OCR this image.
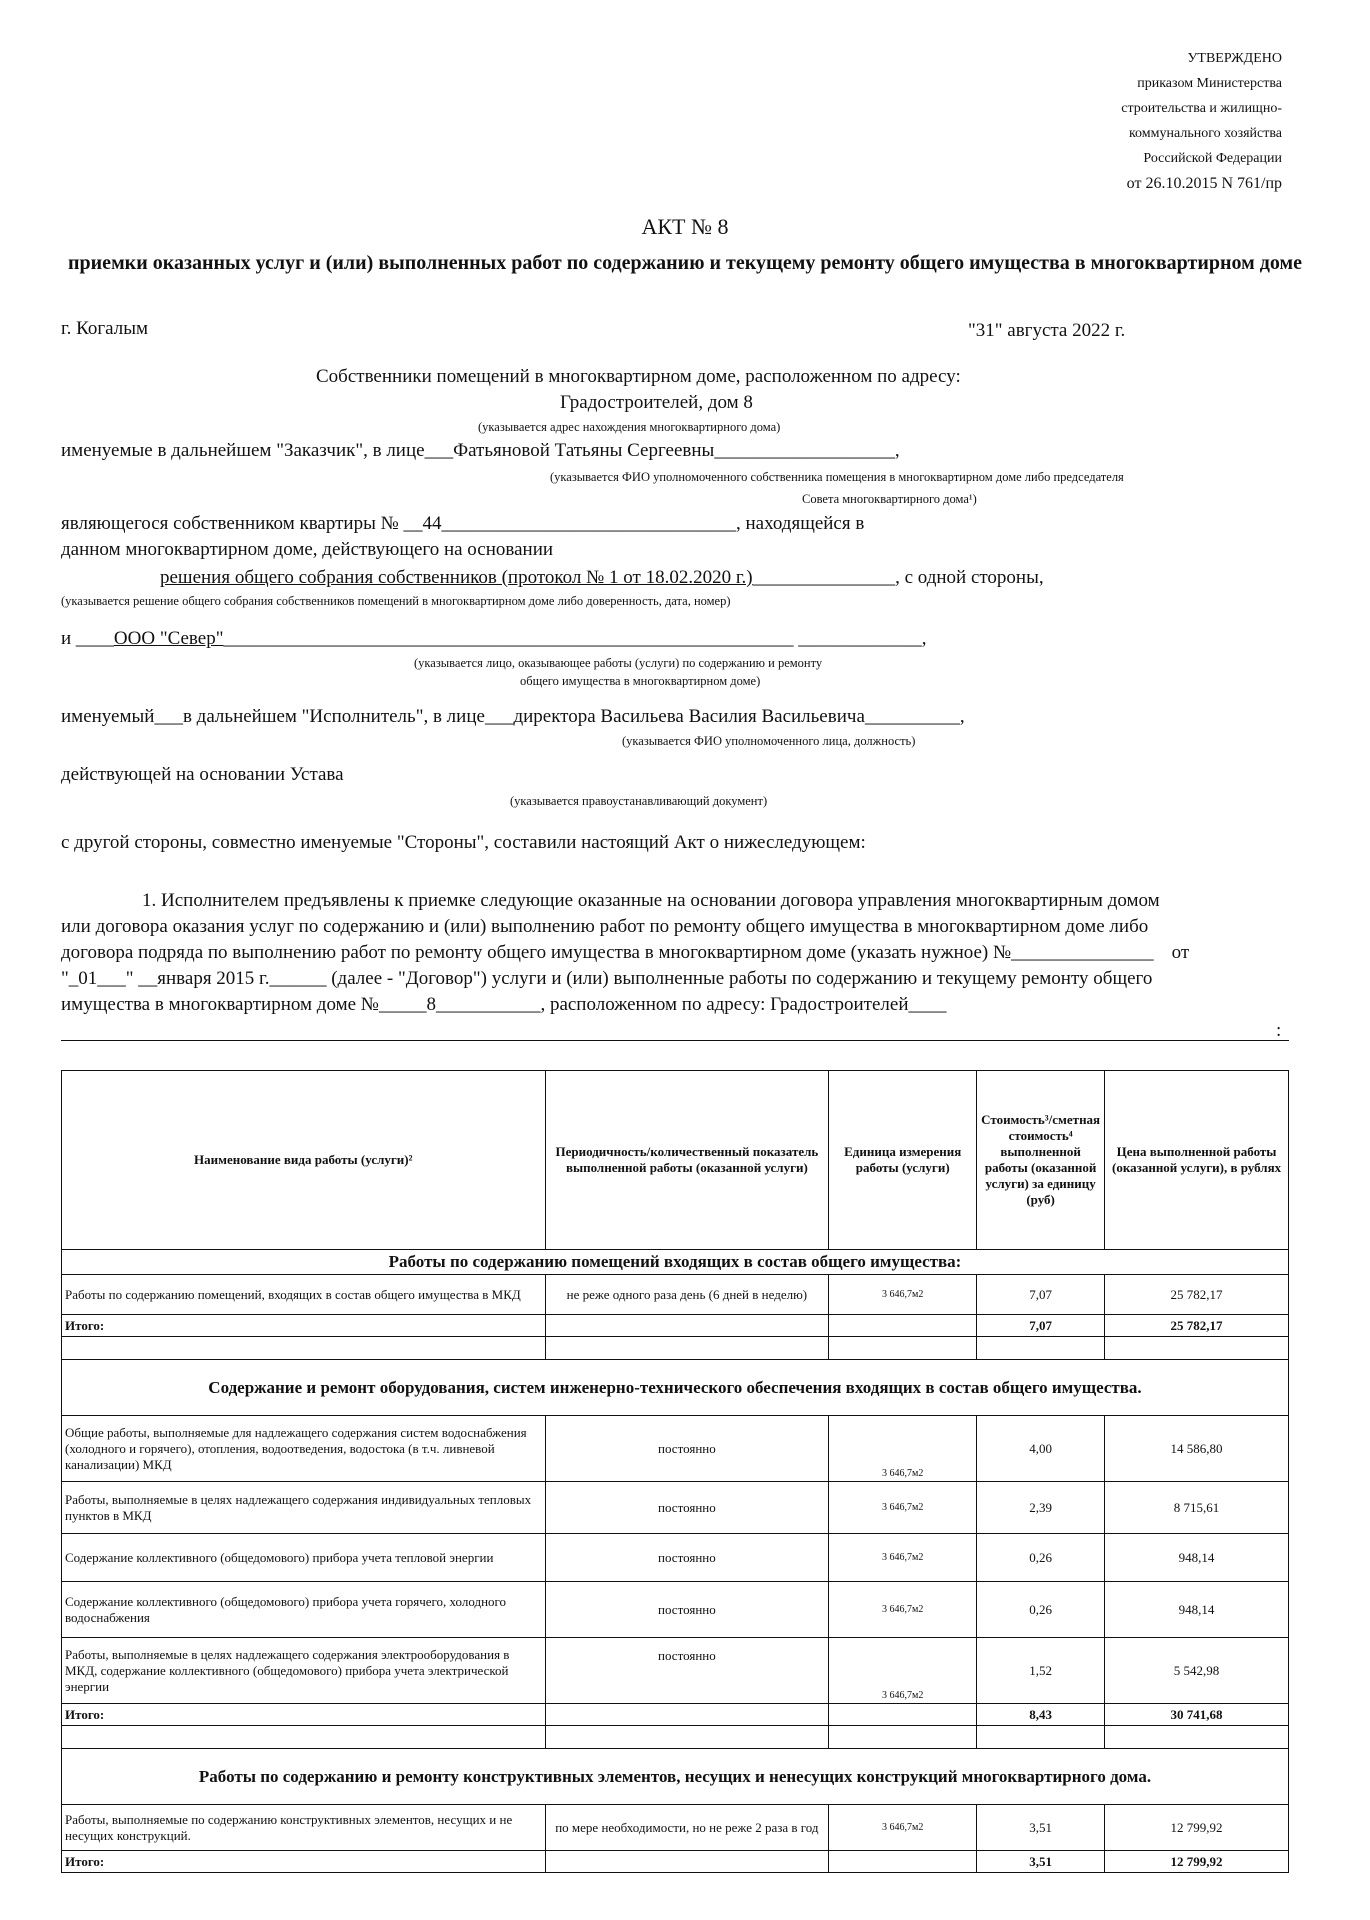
УТВЕРЖДЕНО
приказом Министерства
строительства и жилищно-
коммунального хозяйства
Российской Федерации
от 26.10.2015 N 761/пр
АКТ № 8
приемки оказанных услуг и (или) выполненных работ по содержанию и текущему ремонту общего имущества в многоквартирном доме
г. Когалым	"31" августа 2022 г.
Собственники помещений в многоквартирном доме, расположенном по адресу:
Градостроителей, дом 8
(указывается адрес нахождения многоквартирного дома)
именуемые в дальнейшем "Заказчик", в лице___Фатьяновой Татьяны Сергеевны___________________,
(указывается ФИО уполномоченного собственника помещения в многоквартирном доме либо председателя
Совета многоквартирного дома¹)
являющегося собственником квартиры № __44_______________________________, находящейся в
данном многоквартирном доме, действующего на основании
решения общего собрания собственников (протокол № 1 от 18.02.2020 г.)_______________, с одной стороны,
(указывается решение общего собрания собственников помещений в многоквартирном доме либо доверенность, дата, номер)
и ____ООО "Север"____________________________________________________________ _____________,
(указывается лицо, оказывающее работы (услуги) по содержанию и ремонту
общего имущества в многоквартирном доме)
именуемый___в дальнейшем "Исполнитель", в лице___директора Васильева Василия Васильевича__________,
(указывается ФИО уполномоченного лица, должность)
действующей на основании Устава
(указывается правоустанавливающий документ)
с другой стороны, совместно именуемые "Стороны", составили настоящий Акт о нижеследующем:
1. Исполнителем предъявлены к приемке следующие оказанные на основании договора управления многоквартирным домом
или договора оказания услуг по содержанию и (или) выполнению работ по ремонту общего имущества в многоквартирном доме либо
договора подряда по выполнению работ по ремонту общего имущества в многоквартирном доме (указать нужное) №_______________ от
"_01___" __января 2015 г.______ (далее - "Договор") услуги и (или) выполненные работы по содержанию и текущему ремонту общего
имущества в многоквартирном доме №_____8___________, расположенном по адресу: Градостроителей____
:
Наименование вида работы (услуги)²	Периодичность/количественный показатель выполненной работы (оказанной услуги)	Единица измерения работы (услуги)	Стоимость³/сметная стоимость⁴ выполненной работы (оказанной услуги) за единицу (руб)	Цена выполненной работы (оказанной услуги), в рублях
Работы по содержанию помещений входящих в состав общего имущества:				
Работы по содержанию помещений, входящих в состав общего имущества в МКД	не реже одного раза день (6 дней в неделю)	3 646,7м2	7,07	25 782,17
Итого:			7,07	25 782,17

Содержание и ремонт оборудования, систем инженерно-технического обеспечения входящих в состав общего имущества.				
Общие работы, выполняемые для надлежащего содержания систем водоснабжения (холодного и горячего), отопления, водоотведения, водостока (в т.ч. ливневой канализации) МКД	постоянно	3 646,7м2	4,00	14 586,80
Работы, выполняемые в целях надлежащего содержания индивидуальных тепловых пунктов в МКД	постоянно	3 646,7м2	2,39	8 715,61
Содержание коллективного (общедомового) прибора учета тепловой энергии	постоянно	3 646,7м2	0,26	948,14
Содержание коллективного (общедомового) прибора учета горячего, холодного водоснабжения	постоянно	3 646,7м2	0,26	948,14
Работы, выполняемые в целях надлежащего содержания электрооборудования в МКД, содержание коллективного (общедомового) прибора учета электрической энергии	постоянно	3 646,7м2	1,52	5 542,98
Итого:			8,43	30 741,68

Работы по содержанию и ремонту конструктивных элементов, несущих и ненесущих конструкций многоквартирного дома.				
Работы, выполняемые по содержанию конструктивных элементов, несущих и не несущих конструкций.	по мере необходимости, но не реже 2 раза в год	3 646,7м2	3,51	12 799,92
Итого:			3,51	12 799,92
